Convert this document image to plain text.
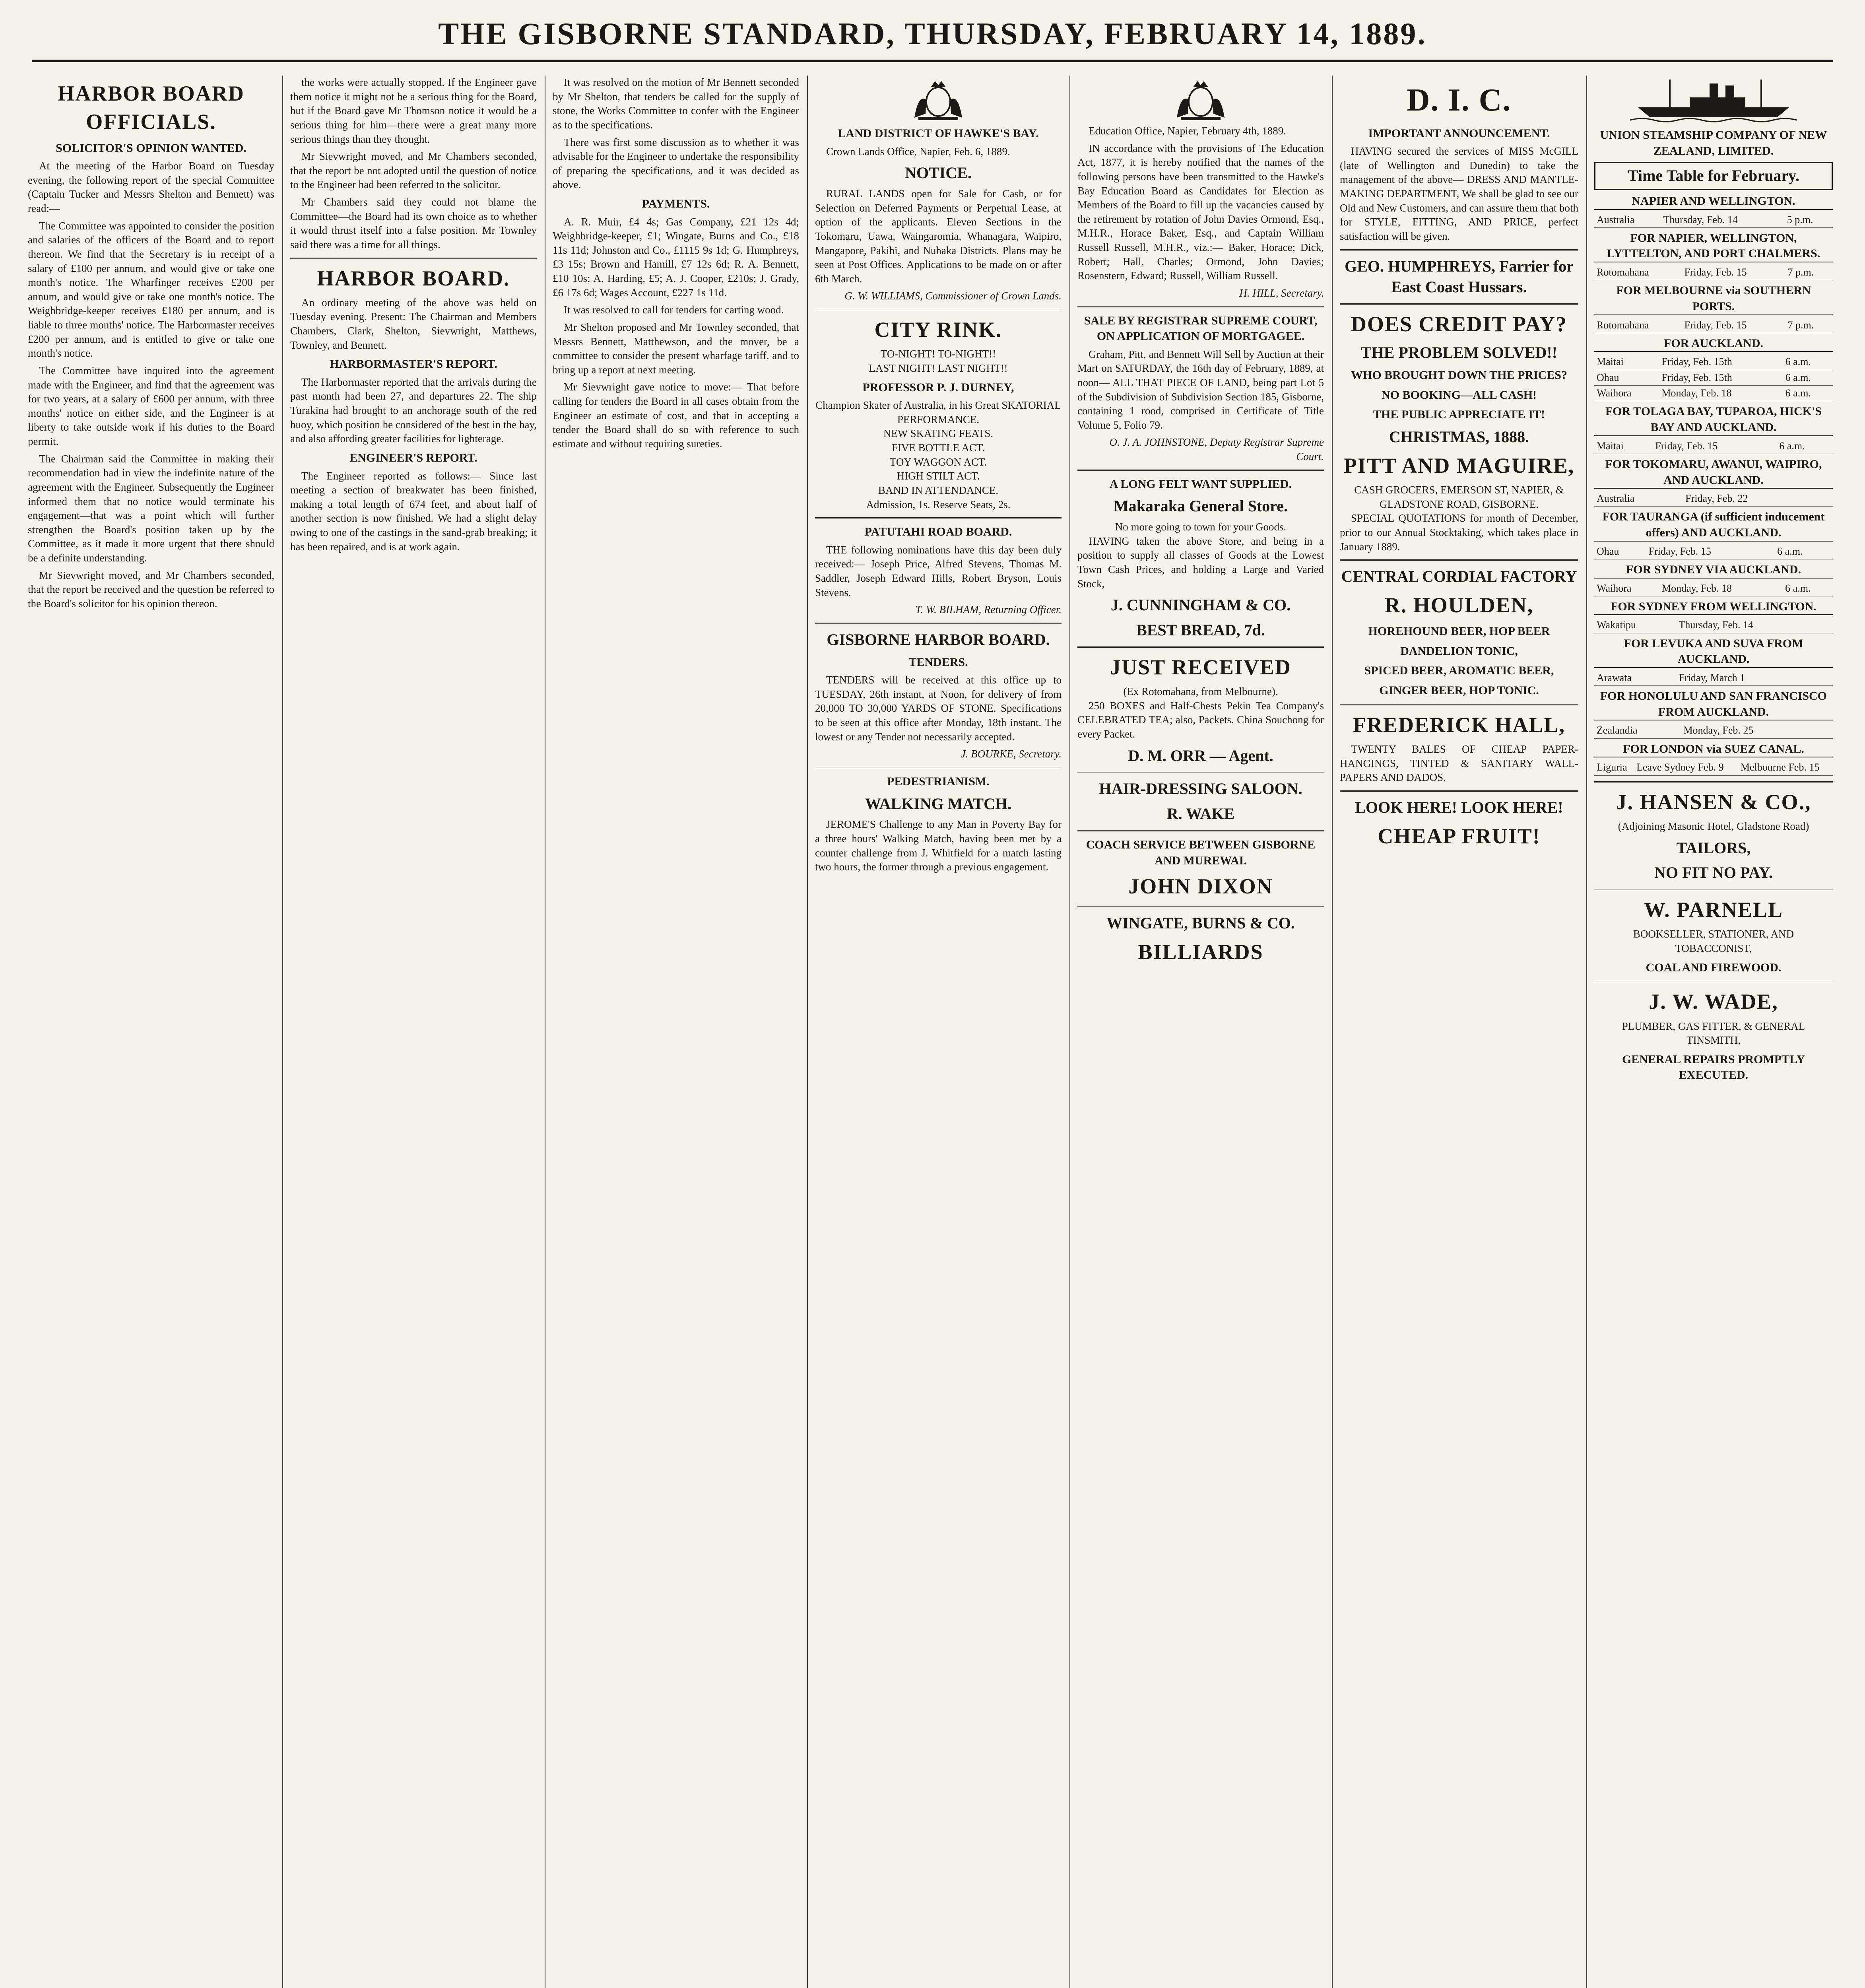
THE GISBORNE STANDARD, THURSDAY, FEBRUARY 14, 1889.
HARBOR BOARD OFFICIALS.
SOLICITOR'S OPINION WANTED.

At the meeting of the Harbor Board on Tuesday evening, the following report of the special Committee (Captain Tucker and Messrs Shelton and Bennett) was read:—

The Committee was appointed to consider the position and salaries of the officers of the Board and to report thereon. We find that the Secretary is in receipt of a salary of £100 per annum, and would give or take one month's notice. The Wharfinger receives £200 per annum, and would give or take one month's notice. The Weighbridge-keeper receives £180 per annum, and is liable to three months' notice. The Harbormaster receives £200 per annum, and is entitled to give or take one month's notice.

The Committee have inquired into the agreement made with the Engineer, and find that the agreement was for two years, at a salary of £600 per annum, with three months' notice on either side, and the Engineer is at liberty to take outside work if his duties to the Board permit.

The Chairman said the Committee in making their recommendation had in view the indefinite nature of the agreement with the Engineer. Subsequently the Engineer informed them that no notice would terminate his engagement—that was a point which will further strengthen the Board's position taken up by the Committee, as it made it more urgent that there should be a definite understanding.

Mr Sievwright moved, and Mr Chambers seconded, that the report be received and the question be referred to the Board's solicitor for his opinion thereon.

the works were actually stopped. If the Engineer gave them notice it might not be a serious thing for the Board, but if the Board gave Mr Thomson notice it would be a serious thing for him—there were a great many more serious things than they thought.

Mr Sievwright moved, and Mr Chambers seconded, that the report be not adopted until the question of notice to the Engineer had been referred to the solicitor.

Mr Chambers said they could not blame the Committee—the Board had its own choice as to whether it would thrust itself into a false position. Mr Townley said there was a time for all things.

HARBOR BOARD.

An ordinary meeting of the above was held on Tuesday evening. Present: The Chairman and Members Chambers, Clark, Shelton, Sievwright, Matthews, Townley, and Bennett.

HARBORMASTER'S REPORT.

The Harbormaster reported that the arrivals during the past month had been 27, and departures 22. The ship Turakina had brought to an anchorage south of the red buoy, which position he considered of the best in the bay, and also affording greater facilities for lighterage.

ENGINEER'S REPORT.

The Engineer reported as follows:— Since last meeting a section of breakwater has been finished, making a total length of 674 feet, and about half of another section is now finished. We had a slight delay owing to one of the castings in the sand-grab breaking; it has been repaired, and is at work again.

It was resolved on the motion of Mr Bennett seconded by Mr Shelton, that tenders be called for the supply of stone, the Works Committee to confer with the Engineer as to the specifications.

There was first some discussion as to whether it was advisable for the Engineer to undertake the responsibility of preparing the specifications, and it was decided as above.

PAYMENTS.

A. R. Muir, £4 4s; Gas Company, £21 12s 4d; Weighbridge-keeper, £1; Wingate, Burns and Co., £18 11s 11d; Johnston and Co., £1115 9s 1d; G. Humphreys, £3 15s; Brown and Hamill, £7 12s 6d; R. A. Bennett, £10 10s; A. Harding, £5; A. J. Cooper, £210s; J. Grady, £6 17s 6d; Wages Account, £227 1s 11d.

It was resolved to call for tenders for carting wood.

Mr Shelton proposed and Mr Townley seconded, that Messrs Bennett, Matthewson, and the mover, be a committee to consider the present wharfage tariff, and to bring up a report at next meeting.

Mr Sievwright gave notice to move:— That before calling for tenders the Board in all cases obtain from the Engineer an estimate of cost, and that in accepting a tender the Board shall do so with reference to such estimate and without requiring sureties.

LAND DISTRICT OF HAWKE'S BAY.

Crown Lands Office, Napier, Feb. 6, 1889.

NOTICE.

RURAL LANDS open for Sale for Cash, or for Selection on Deferred Payments or Perpetual Lease, at option of the applicants. Eleven Sections in the Tokomaru, Uawa, Waingaromia, Whanagara, Waipiro, Mangapore, Pakihi, and Nuhaka Districts. Plans may be seen at Post Offices. Applications to be made on or after 6th March.

G. W. WILLIAMS, Commissioner of Crown Lands.

CITY RINK.
TO-NIGHT! TO-NIGHT!!
LAST NIGHT! LAST NIGHT!!
PROFESSOR P. J. DURNEY,
Champion Skater of Australia, in his Great SKATORIAL PERFORMANCE.
NEW SKATING FEATS.
FIVE BOTTLE ACT.
TOY WAGGON ACT.
HIGH STILT ACT.
BAND IN ATTENDANCE.
Admission, 1s. Reserve Seats, 2s.
PATUTAHI ROAD BOARD.

THE following nominations have this day been duly received:— Joseph Price, Alfred Stevens, Thomas M. Saddler, Joseph Edward Hills, Robert Bryson, Louis Stevens.

T. W. BILHAM, Returning Officer.

GISBORNE HARBOR BOARD.
TENDERS.

TENDERS will be received at this office up to TUESDAY, 26th instant, at Noon, for delivery of from 20,000 TO 30,000 YARDS OF STONE. Specifications to be seen at this office after Monday, 18th instant. The lowest or any Tender not necessarily accepted.

J. BOURKE, Secretary.

PEDESTRIANISM.
WALKING MATCH.

JEROME'S Challenge to any Man in Poverty Bay for a three hours' Walking Match, having been met by a counter challenge from J. Whitfield for a match lasting two hours, the former through a previous engagement.

Education Office, Napier, February 4th, 1889.

IN accordance with the provisions of The Education Act, 1877, it is hereby notified that the names of the following persons have been transmitted to the Hawke's Bay Education Board as Candidates for Election as Members of the Board to fill up the vacancies caused by the retirement by rotation of John Davies Ormond, Esq., M.H.R., Horace Baker, Esq., and Captain William Russell Russell, M.H.R., viz.:— Baker, Horace; Dick, Robert; Hall, Charles; Ormond, John Davies; Rosenstern, Edward; Russell, William Russell.

H. HILL, Secretary.

SALE BY REGISTRAR SUPREME COURT, ON APPLICATION OF MORTGAGEE.

Graham, Pitt, and Bennett Will Sell by Auction at their Mart on SATURDAY, the 16th day of February, 1889, at noon— ALL THAT PIECE OF LAND, being part Lot 5 of the Subdivision of Subdivision Section 185, Gisborne, containing 1 rood, comprised in Certificate of Title Volume 5, Folio 79.

O. J. A. JOHNSTONE, Deputy Registrar Supreme Court.

A LONG FELT WANT SUPPLIED.
Makaraka General Store.
No more going to town for your Goods.

HAVING taken the above Store, and being in a position to supply all classes of Goods at the Lowest Town Cash Prices, and holding a Large and Varied Stock,

J. CUNNINGHAM & CO.
BEST BREAD, 7d.
JUST RECEIVED
(Ex Rotomahana, from Melbourne),

250 BOXES and Half-Chests Pekin Tea Company's CELEBRATED TEA; also, Packets. China Souchong for every Packet.

D. M. ORR — Agent.
HAIR-DRESSING SALOON.
R. WAKE
COACH SERVICE BETWEEN GISBORNE AND MUREWAI.
JOHN DIXON
WINGATE, BURNS & CO.
BILLIARDS
D. I. C.
IMPORTANT ANNOUNCEMENT.

HAVING secured the services of MISS McGILL (late of Wellington and Dunedin) to take the management of the above— DRESS AND MANTLE-MAKING DEPARTMENT, We shall be glad to see our Old and New Customers, and can assure them that both for STYLE, FITTING, AND PRICE, perfect satisfaction will be given.

GEO. HUMPHREYS, Farrier for East Coast Hussars.
DOES CREDIT PAY?
THE PROBLEM SOLVED!!
WHO BROUGHT DOWN THE PRICES?
NO BOOKING—ALL CASH!
THE PUBLIC APPRECIATE IT!
CHRISTMAS, 1888.
PITT AND MAGUIRE,
CASH GROCERS, EMERSON ST, NAPIER, & GLADSTONE ROAD, GISBORNE.

SPECIAL QUOTATIONS for month of December, prior to our Annual Stocktaking, which takes place in January 1889.

CENTRAL CORDIAL FACTORY
R. HOULDEN,
HOREHOUND BEER, HOP BEER
DANDELION TONIC,
SPICED BEER, AROMATIC BEER,
GINGER BEER, HOP TONIC.
FREDERICK HALL,

TWENTY BALES OF CHEAP PAPER-HANGINGS, TINTED & SANITARY WALL-PAPERS AND DADOS.

LOOK HERE! LOOK HERE!
CHEAP FRUIT!
UNION STEAMSHIP COMPANY OF NEW ZEALAND, LIMITED.
Time Table for February.
NAPIER AND WELLINGTON.
Australia	Thursday, Feb. 14	5 p.m.
FOR NAPIER, WELLINGTON, LYTTELTON, AND PORT CHALMERS.
Rotomahana	Friday, Feb. 15	7 p.m.
FOR MELBOURNE via SOUTHERN PORTS.
Rotomahana	Friday, Feb. 15	7 p.m.
FOR AUCKLAND.
Maitai	Friday, Feb. 15th	6 a.m.
Ohau	Friday, Feb. 15th	6 a.m.
Waihora	Monday, Feb. 18	6 a.m.
FOR TOLAGA BAY, TUPAROA, HICK'S BAY AND AUCKLAND.
Maitai	Friday, Feb. 15	6 a.m.
FOR TOKOMARU, AWANUI, WAIPIRO, AND AUCKLAND.
Australia	Friday, Feb. 22	
FOR TAURANGA (if sufficient inducement offers) AND AUCKLAND.
Ohau	Friday, Feb. 15	6 a.m.
FOR SYDNEY VIA AUCKLAND.
Waihora	Monday, Feb. 18	6 a.m.
FOR SYDNEY FROM WELLINGTON.
Wakatipu	Thursday, Feb. 14	
FOR LEVUKA AND SUVA FROM AUCKLAND.
Arawata	Friday, March 1	
FOR HONOLULU AND SAN FRANCISCO FROM AUCKLAND.
Zealandia	Monday, Feb. 25	
FOR LONDON via SUEZ CANAL.
Liguria	Leave Sydney Feb. 9	Melbourne Feb. 15
J. HANSEN & CO.,
(Adjoining Masonic Hotel, Gladstone Road)
TAILORS,
NO FIT NO PAY.
W. PARNELL
BOOKSELLER, STATIONER, AND TOBACCONIST,
COAL AND FIREWOOD.
J. W. WADE,
PLUMBER, GAS FITTER, & GENERAL TINSMITH,
GENERAL REPAIRS PROMPTLY EXECUTED.
